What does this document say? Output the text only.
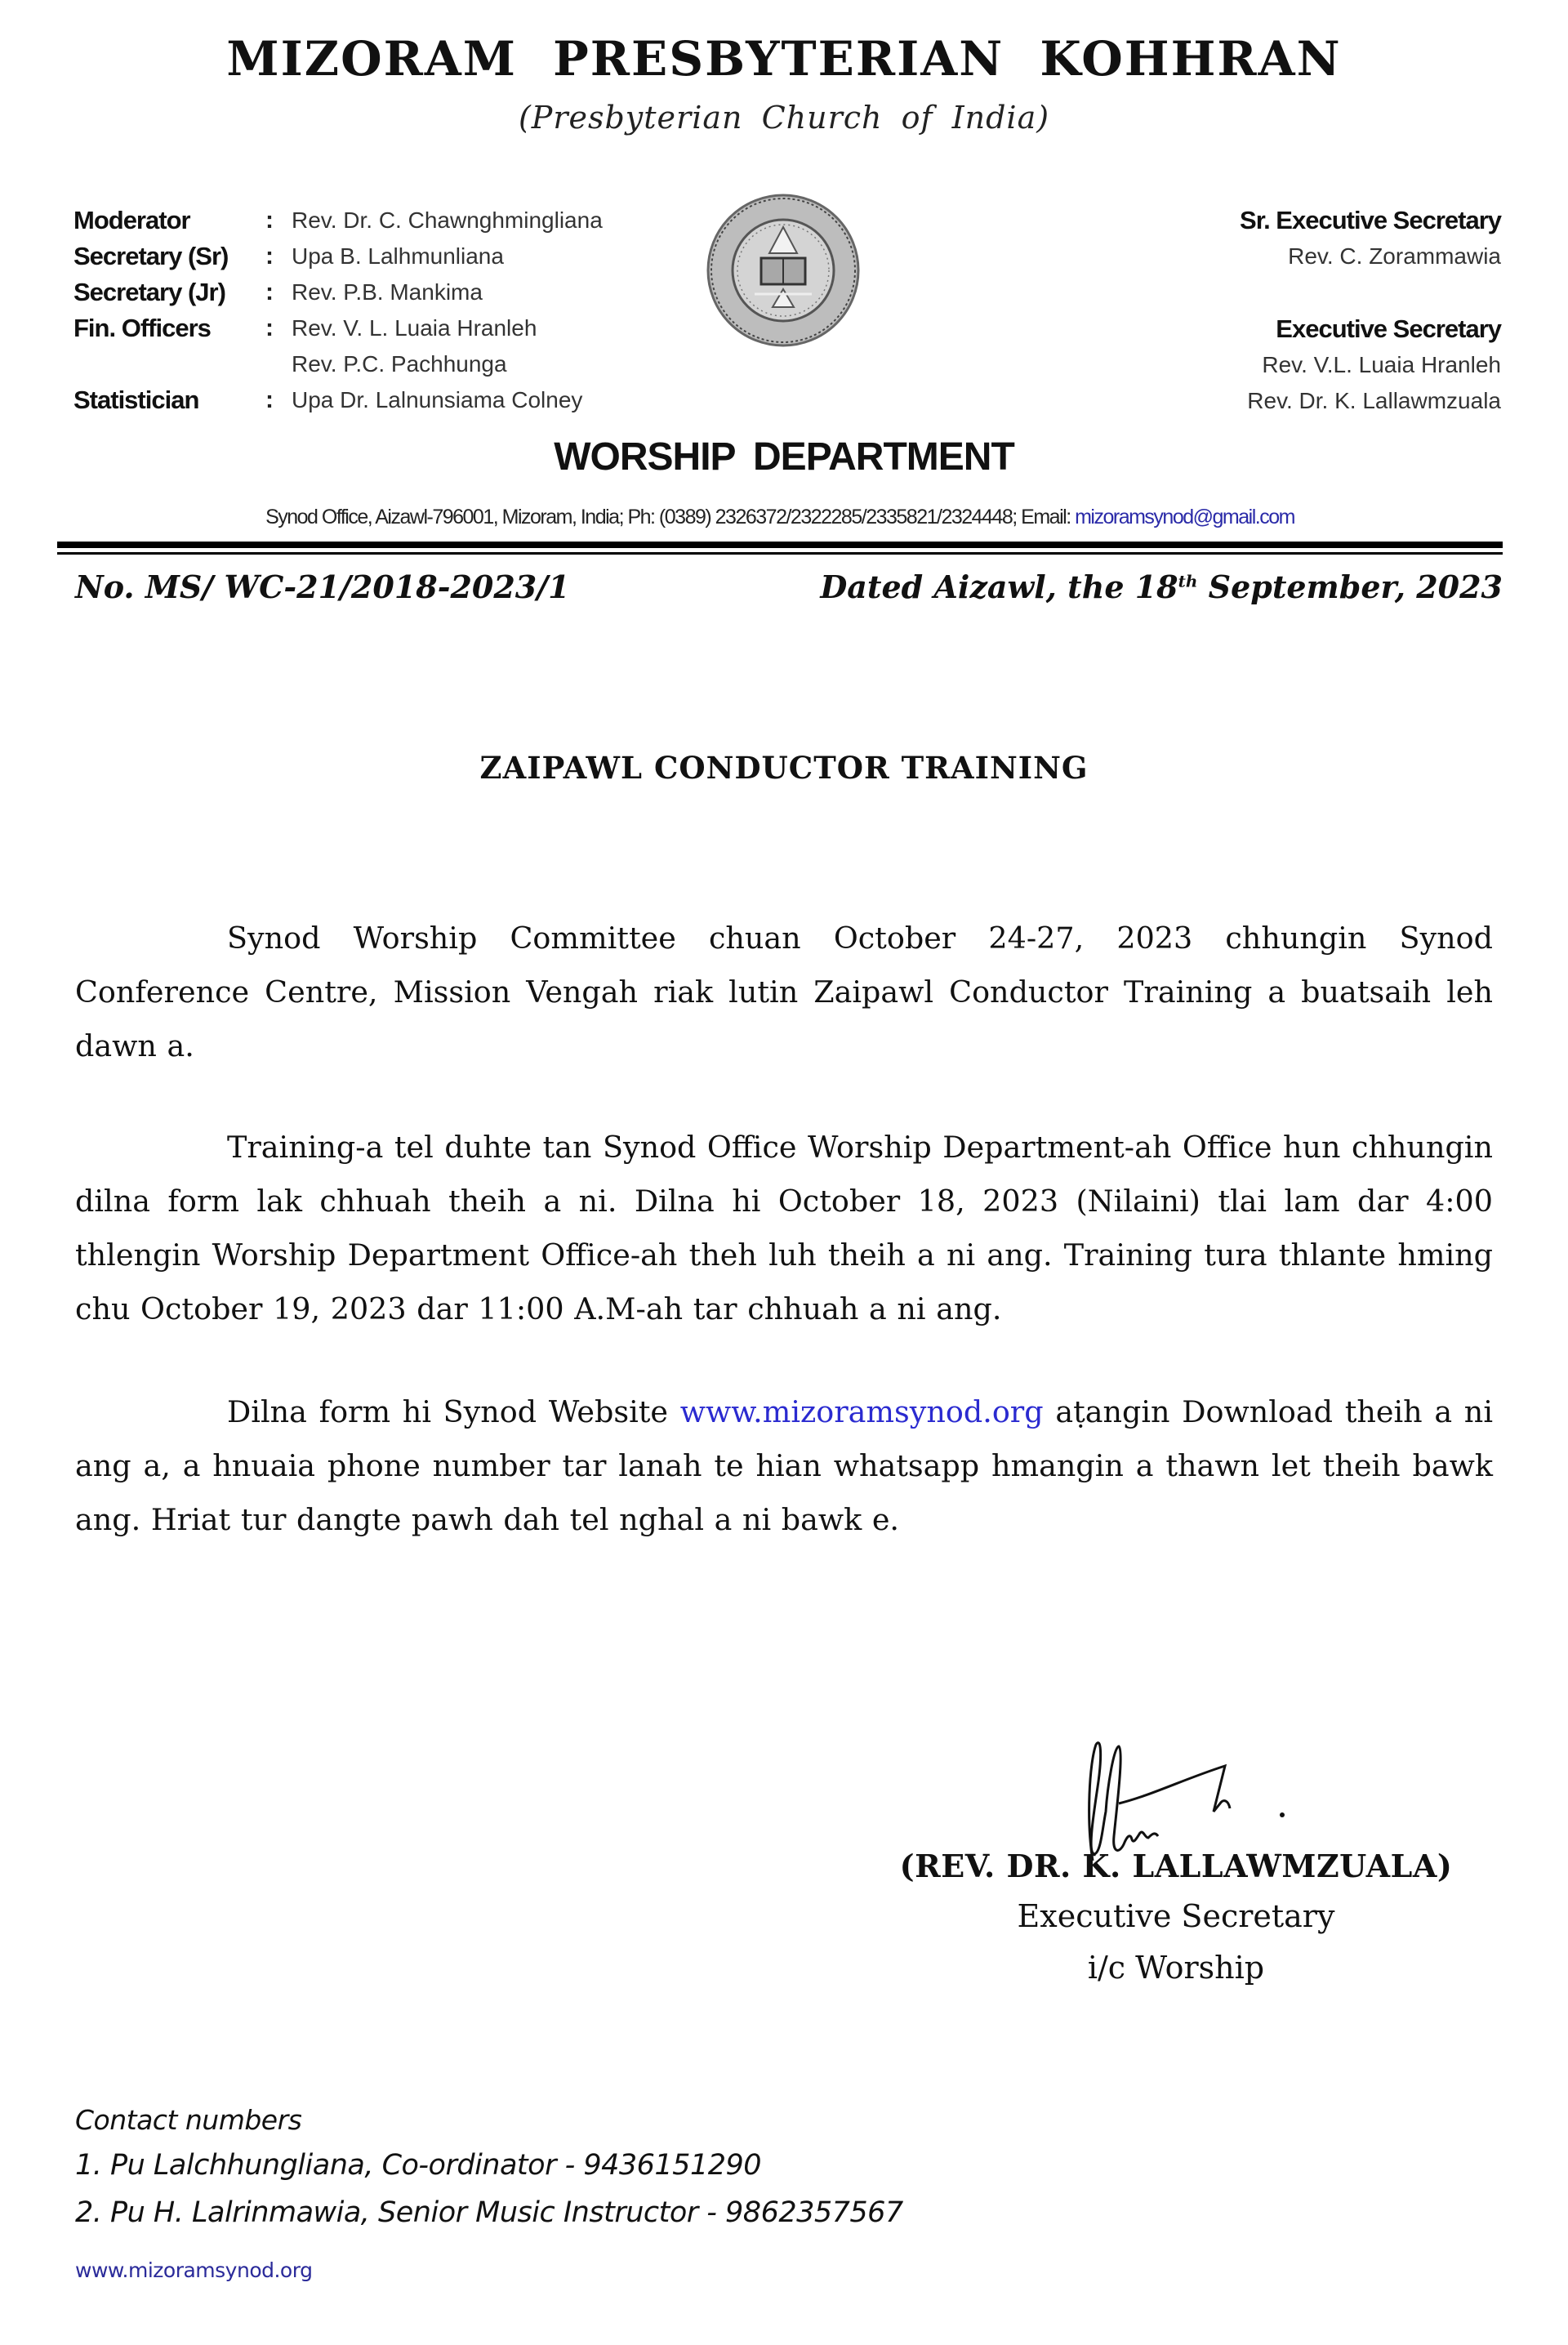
MIZORAM PRESBYTERIAN KOHHRAN
(Presbyterian Church of India)
Moderator	: Rev. Dr. C. Chawnghmingliana
Secretary (Sr)	: Upa B. Lalhmunliana
Secretary (Jr)	: Rev. P.B. Mankima
Fin. Officers	: Rev. V. L. Luaia Hranleh
Rev. P.C. Pachhunga
Statistician	: Upa Dr. Lalnunsiama Colney
Sr. Executive Secretary
Rev. C. Zorammawia
Executive Secretary
Rev. V.L. Luaia Hranleh
Rev. Dr. K. Lallawmzuala
WORSHIP DEPARTMENT
Synod Office, Aizawl-796001, Mizoram, India; Ph: (0389) 2326372/2322285/2335821/2324448; Email: mizoramsynod@gmail.com
No. MS/ WC-21/2018-2023/1	Dated Aizawl, the 18th September, 2023
ZAIPAWL CONDUCTOR TRAINING
Synod Worship Committee chuan October 24-27, 2023 chhungin Synod Conference Centre, Mission Vengah riak lutin Zaipawl Conductor Training a buatsaih leh dawn a.
Training-a tel duhte tan Synod Office Worship Department-ah Office hun chhungin dilna form lak chhuah theih a ni. Dilna hi October 18, 2023 (Nilaini) tlai lam dar 4:00 thlengin Worship Department Office-ah theh luh theih a ni ang. Training tura thlante hming chu October 19, 2023 dar 11:00 A.M-ah tar chhuah a ni ang.
Dilna form hi Synod Website www.mizoramsynod.org aṭangin Download theih a ni ang a, a hnuaia phone number tar lanah te hian whatsapp hmangin a thawn let theih bawk ang. Hriat tur dangte pawh dah tel nghal a ni bawk e.
(REV. DR. K. LALLAWMZUALA)
Executive Secretary
i/c Worship
Contact numbers
1. Pu Lalchhungliana, Co-ordinator - 9436151290
2. Pu H. Lalrinmawia, Senior Music Instructor - 9862357567
www.mizoramsynod.org
